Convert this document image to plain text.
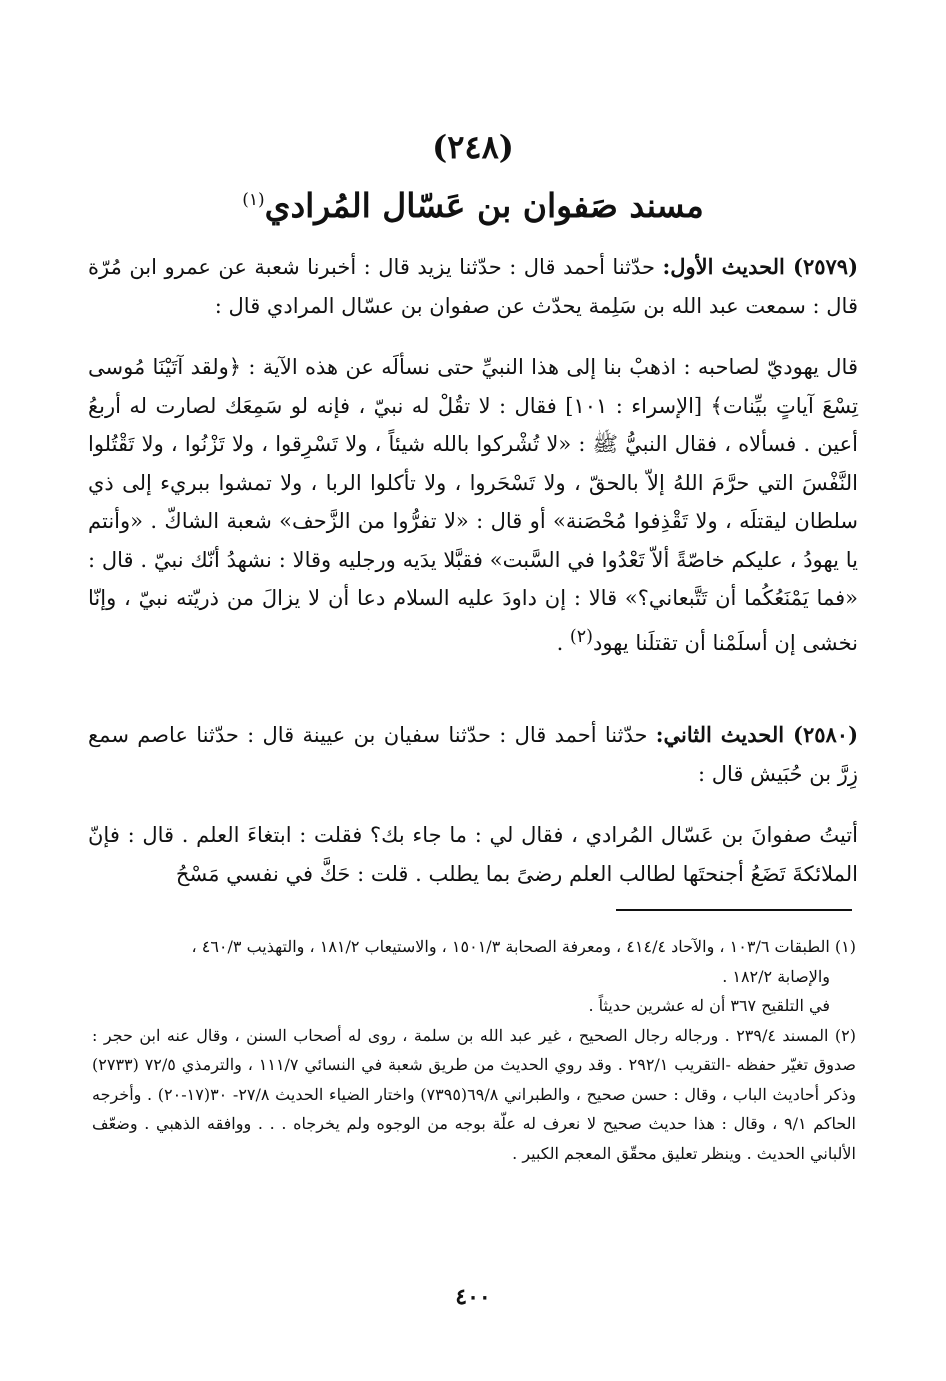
(٢٤٨)
مسند صَفوان بن عَسّال المُرادي$^{(١)}$

(٢٥٧٩) الحديث الأول: حدّثنا أحمد قال : حدّثنا يزيد قال : أخبرنا شعبة عن عمرو ابن مُرّة قال : سمعت عبد الله بن سَلِمة يحدّث عن صفوان بن عسّال المرادي قال :

قال يهوديّ لصاحبه : اذهبْ بنا إلى هذا النبيِّ حتى نسألَه عن هذه الآية : ﴿ولقد آتَيْنَا مُوسى تِسْعَ آياتٍ بيِّنات﴾ [الإسراء : ١٠١] فقال : لا تقُلْ له نبيّ ، فإنه لو سَمِعَك لصارت له أربعُ أعين . فسألاه ، فقال النبيُّ ﷺ : «لا تُشْركوا بالله شيئاً ، ولا تَسْرِقوا ، ولا تَزْنُوا ، ولا تَقْتُلوا النَّفْسَ التي حرَّمَ اللهُ إلاّ بالحقّ ، ولا تَسْحَروا ، ولا تأكلوا الربا ، ولا تمشوا ببريء إلى ذي سلطان ليقتلَه ، ولا تَقْذِفوا مُحْصَنة» أو قال : «لا تفرُّوا من الزَّحف» شعبة الشاكّ . «وأنتم يا يهودُ ، عليكم خاصّةً ألاّ تَعْدُوا في السَّبت» فقبَّلا يدَيه ورجليه وقالا : نشهدُ أنّك نبيّ . قال : «فما يَمْنَعُكُما أن تَتَّبعاني؟» قالا : إن داودَ عليه السلام دعا أن لا يزالَ من ذريّته نبيّ ، وإنّا نخشى إن أسلَمْنا أن تقتلَنا يهود$^{(٢)}$ .

(٢٥٨٠) الحديث الثاني: حدّثنا أحمد قال : حدّثنا سفيان بن عيينة قال : حدّثنا عاصم سمع زِرَّ بن حُبَيش قال :

أتيتُ صفوانَ بن عَسّال المُرادي ، فقال لي : ما جاء بك؟ فقلت : ابتغاءَ العلم . قال : فإنّ الملائكةَ تَضَعُ أجنحتَها لطالب العلم رضىً بما يطلب . قلت : حَكَّ في نفسي مَسْحُ

(١) الطبقات ١٠٣/٦ ، والآحاد ٤١٤/٤ ، ومعرفة الصحابة ١٥٠١/٣ ، والاستيعاب ١٨١/٢ ، والتهذيب ٤٦٠/٣ ،

والإصابة ١٨٢/٢ .

في التلقيح ٣٦٧ أن له عشرين حديثاً .

(٢) المسند ٢٣٩/٤ . ورجاله رجال الصحيح ، غير عبد الله بن سلمة ، روى له أصحاب السنن ، وقال عنه ابن حجر : صدوق تغيّر حفظه -التقريب ٢٩٢/١ . وقد روي الحديث من طريق شعبة في النسائي ١١١/٧ ، والترمذي ٧٢/٥ (٢٧٣٣) وذكر أحاديث الباب ، وقال : حسن صحيح ، والطبراني ٦٩/٨(٧٣٩٥) واختار الضياء الحديث ٢٧/٨- ٣٠(١٧-٢٠) . وأخرجه الحاكم ٩/١ ، وقال : هذا حديث صحيح لا نعرف له علّة بوجه من الوجوه ولم يخرجاه . . . ووافقه الذهبي . وضعّف الألباني الحديث . وينظر تعليق محقّق المعجم الكبير .

٤٠٠
